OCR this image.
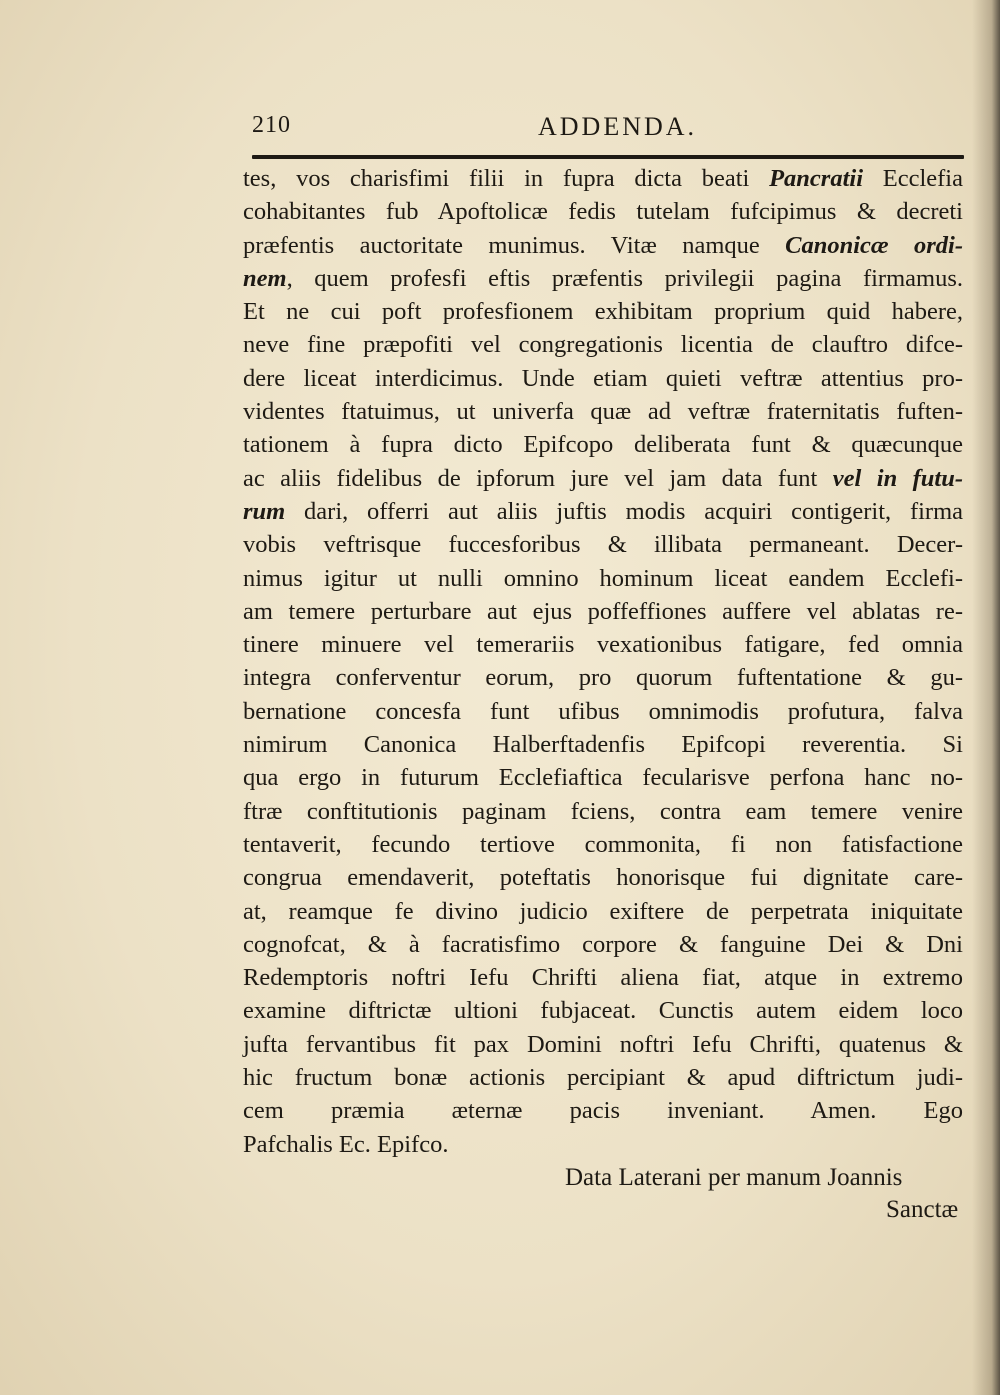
210	ADDENDA.
tes, vos charisfimi filii in fupra dicta beati Pancratii Ecclefia
cohabitantes fub Apoftolicæ fedis tutelam fufcipimus & decreti
præfentis auctoritate munimus. Vitæ namque Canonicæ ordi-
nem, quem profesfi eftis præfentis privilegii pagina firmamus.
Et ne cui poft profesfionem exhibitam proprium quid habere,
neve fine præpofiti vel congregationis licentia de clauftro difce-
dere liceat interdicimus. Unde etiam quieti veftræ attentius pro-
videntes ftatuimus, ut univerfa quæ ad veftræ fraternitatis fuften-
tationem à fupra dicto Epifcopo deliberata funt & quæcunque
ac aliis fidelibus de ipforum jure vel jam data funt vel in futu-
rum dari, offerri aut aliis juftis modis acquiri contigerit, firma
vobis veftrisque fuccesforibus & illibata permaneant. Decer-
nimus igitur ut nulli omnino hominum liceat eandem Ecclefi-
am temere perturbare aut ejus poffeffiones auffere vel ablatas re-
tinere minuere vel temerariis vexationibus fatigare, fed omnia
integra conferventur eorum, pro quorum fuftentatione & gu-
bernatione concesfa funt ufibus omnimodis profutura, falva
nimirum Canonica Halberftadenfis Epifcopi reverentia. Si
qua ergo in futurum Ecclefiaftica fecularisve perfona hanc no-
ftræ conftitutionis paginam fciens, contra eam temere venire
tentaverit, fecundo tertiove commonita, fi non fatisfactione
congrua emendaverit, poteftatis honorisque fui dignitate care-
at, reamque fe divino judicio exiftere de perpetrata iniquitate
cognofcat, & à facratisfimo corpore & fanguine Dei & Dni
Redemptoris noftri Iefu Chrifti aliena fiat, atque in extremo
examine diftrictæ ultioni fubjaceat. Cunctis autem eidem loco
jufta fervantibus fit pax Domini noftri Iefu Chrifti, quatenus &
hic fructum bonæ actionis percipiant & apud diftrictum judi-
cem præmia æternæ pacis inveniant. Amen. Ego
Pafchalis Ec. Epifco.
Data Laterani per manum Joannis
Sanctæ
